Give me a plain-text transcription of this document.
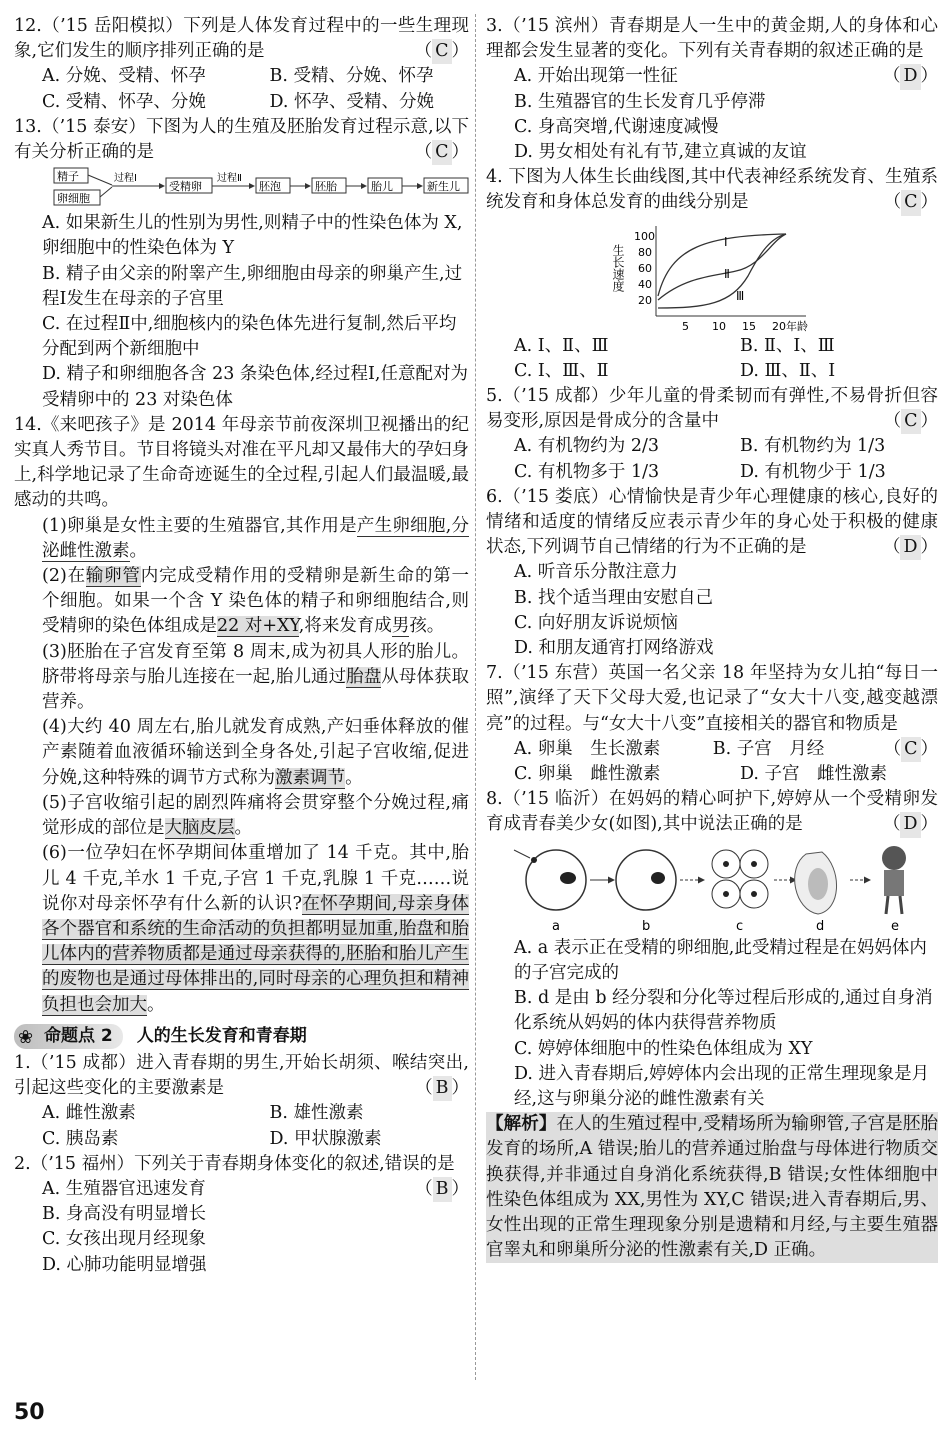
12.（’15 岳阳模拟）下列是人体发育过程中的一些生理现象,它们发生的顺序排列正确的是	（ C ）
A. 分娩、受精、怀孕	B. 受精、分娩、怀孕
C. 受精、怀孕、分娩	D. 怀孕、受精、分娩
13.（’15 泰安）下图为人的生殖及胚胎发育过程示意,以下有关分析正确的是	（ C ）
精子
卵细胞
过程Ⅰ
受精卵
过程Ⅱ
胚泡	胚胎	胎儿	新生儿
A. 如果新生儿的性别为男性,则精子中的性染色体为 X,卵细胞中的性染色体为 Y
B. 精子由父亲的附睾产生,卵细胞由母亲的卵巢产生,过程Ⅰ发生在母亲的子宫里
C. 在过程Ⅱ中,细胞核内的染色体先进行复制,然后平均分配到两个新细胞中
D. 精子和卵细胞各含 23 条染色体,经过程Ⅰ,任意配对为受精卵中的 23 对染色体
14.《来吧孩子》是 2014 年母亲节前夜深圳卫视播出的纪实真人秀节目。节目将镜头对准在平凡却又最伟大的孕妇身上,科学地记录了生命奇迹诞生的全过程,引起人们最温暖,最感动的共鸣。
(1)卵巢是女性主要的生殖器官,其作用是产生卵细胞,分泌雌性激素。
(2)在输卵管内完成受精作用的受精卵是新生命的第一个细胞。如果一个含 Y 染色体的精子和卵细胞结合,则受精卵的染色体组成是22 对+XY,将来发育成男孩。
(3)胚胎在子宫发育至第 8 周末,成为初具人形的胎儿。脐带将母亲与胎儿连接在一起,胎儿通过胎盘从母体获取营养。
(4)大约 40 周左右,胎儿就发育成熟,产妇垂体释放的催产素随着血液循环输送到全身各处,引起子宫收缩,促进分娩,这种特殊的调节方式称为激素调节。
(5)子宫收缩引起的剧烈阵痛将会贯穿整个分娩过程,痛觉形成的部位是大脑皮层。
(6)一位孕妇在怀孕期间体重增加了 14 千克。其中,胎儿 4 千克,羊水 1 千克,子宫 1 千克,乳腺 1 千克……说说你对母亲怀孕有什么新的认识?在怀孕期间,母亲身体各个器官和系统的生命活动的负担都明显加重,胎盘和胎儿体内的营养物质都是通过母亲获得的,胚胎和胎儿产生的废物也是通过母体排出的,同时母亲的心理负担和精神负担也会加大。
❀ 命题点 2	人的生长发育和青春期
1.（’15 成都）进入青春期的男生,开始长胡须、喉结突出,引起这些变化的主要激素是	（ B ）
A. 雌性激素	B. 雄性激素
C. 胰岛素	D. 甲状腺激素
2.（’15 福州）下列关于青春期身体变化的叙述,错误的是
（ B ）
A. 生殖器官迅速发育
B. 身高没有明显增长
C. 女孩出现月经现象
D. 心肺功能明显增强
3.（’15 滨州）青春期是人一生中的黄金期,人的身体和心理都会发生显著的变化。下列有关青春期的叙述正确的是
（ D ）
A. 开始出现第一性征
B. 生殖器官的生长发育几乎停滞
C. 身高突增,代谢速度减慢
D. 男女相处有礼有节,建立真诚的友谊
4. 下图为人体生长曲线图,其中代表神经系统发育、生殖系统发育和身体总发育的曲线分别是	（ C ）
生长速度
100
80
60
40
20
5 10 15 20 年龄
Ⅰ
Ⅱ
Ⅲ
A. Ⅰ、Ⅱ、Ⅲ	B. Ⅱ、Ⅰ、Ⅲ
C. Ⅰ、Ⅲ、Ⅱ	D. Ⅲ、Ⅱ、Ⅰ
5.（’15 成都）少年儿童的骨柔韧而有弹性,不易骨折但容易变形,原因是骨成分的含量中	（ C ）
A. 有机物约为 2/3	B. 有机物约为 1/3
C. 有机物多于 1/3	D. 有机物少于 1/3
6.（’15 娄底）心情愉快是青少年心理健康的核心,良好的情绪和适度的情绪反应表示青少年的身心处于积极的健康状态,下列调节自己情绪的行为不正确的是	（ D ）
A. 听音乐分散注意力
B. 找个适当理由安慰自己
C. 向好朋友诉说烦恼
D. 和朋友通宵打网络游戏
7.（’15 东营）英国一名父亲 18 年坚持为女儿拍“每日一照”,演绎了天下父母大爱,也记录了“女大十八变,越变越漂亮”的过程。与“女大十八变”直接相关的器官和物质是
（ C ）
A. 卵巢　生长激素	B. 子宫　月经
C. 卵巢　雌性激素	D. 子宫　雌性激素
8.（’15 临沂）在妈妈的精心呵护下,婷婷从一个受精卵发育成青春美少女(如图),其中说法正确的是	（ D ）
a	b	c	d	e
A. a 表示正在受精的卵细胞,此受精过程是在妈妈体内的子宫完成的
B. d 是由 b 经分裂和分化等过程后形成的,通过自身消化系统从妈妈的体内获得营养物质
C. 婷婷体细胞中的性染色体组成为 XY
D. 进入青春期后,婷婷体内会出现的正常生理现象是月经,这与卵巢分泌的雌性激素有关
【解析】在人的生殖过程中,受精场所为输卵管,子宫是胚胎发育的场所,A 错误;胎儿的营养通过胎盘与母体进行物质交换获得,并非通过自身消化系统获得,B 错误;女性体细胞中性染色体组成为 XX,男性为 XY,C 错误;进入青春期后,男、女性出现的正常生理现象分别是遗精和月经,与主要生殖器官睾丸和卵巢所分泌的性激素有关,D 正确。
50
